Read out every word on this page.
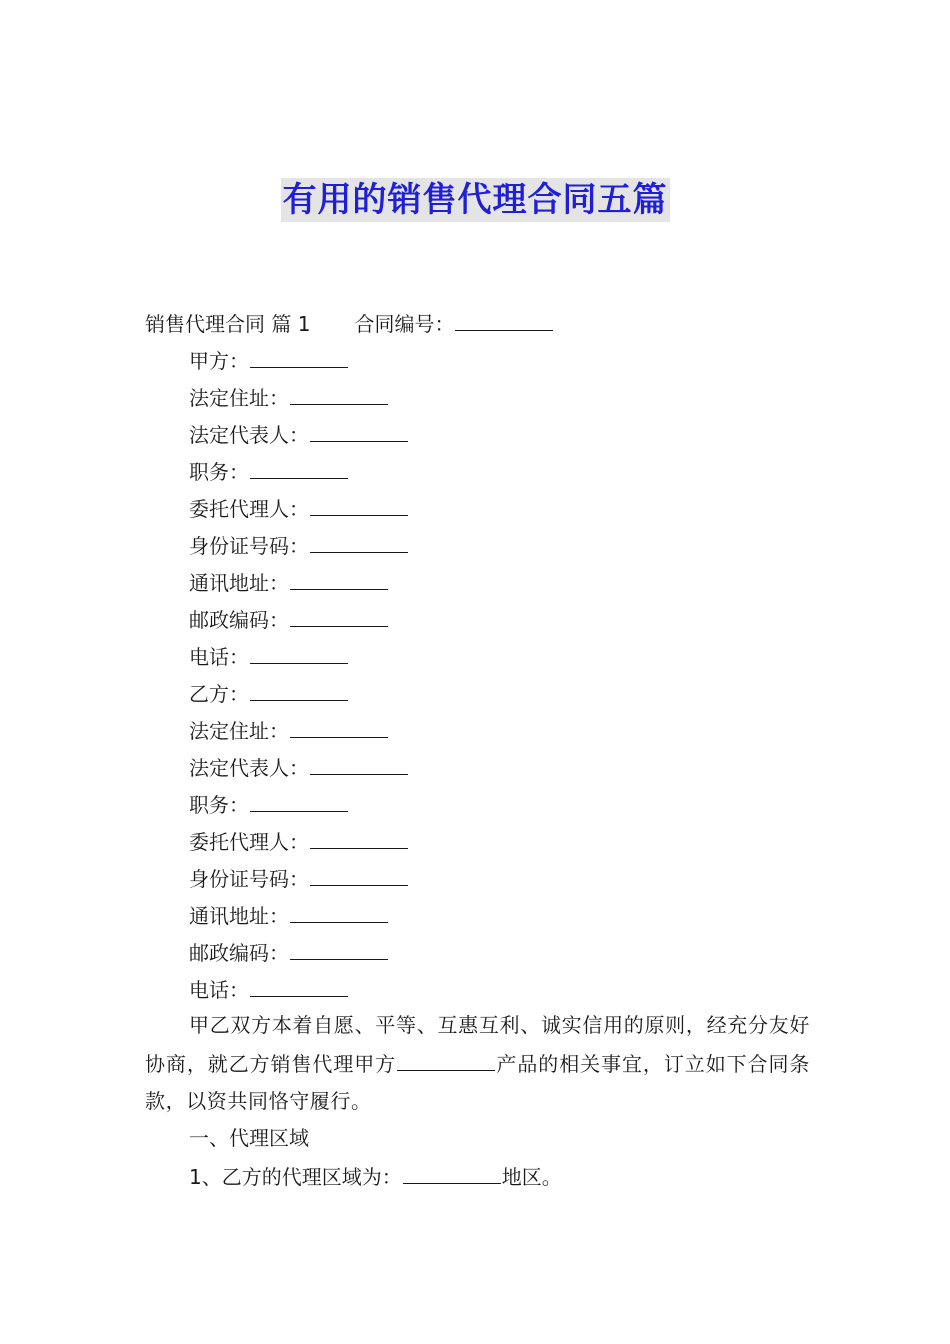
有用的销售代理合同五篇
销售代理合同 篇 1 合同编号：
甲方：
法定住址：
法定代表人：
职务：
委托代理人：
身份证号码：
通讯地址：
邮政编码：
电话：
乙方：
法定住址：
法定代表人：
职务：
委托代理人：
身份证号码：
通讯地址：
邮政编码：
电话：
甲乙双方本着自愿、平等、互惠互利、诚实信用的原则，经充分友好协商，就乙方销售代理甲方	产品的相关事宜，订立如下合同条款，以资共同恪守履行。
一、代理区域
1、乙方的代理区域为：	地区。
